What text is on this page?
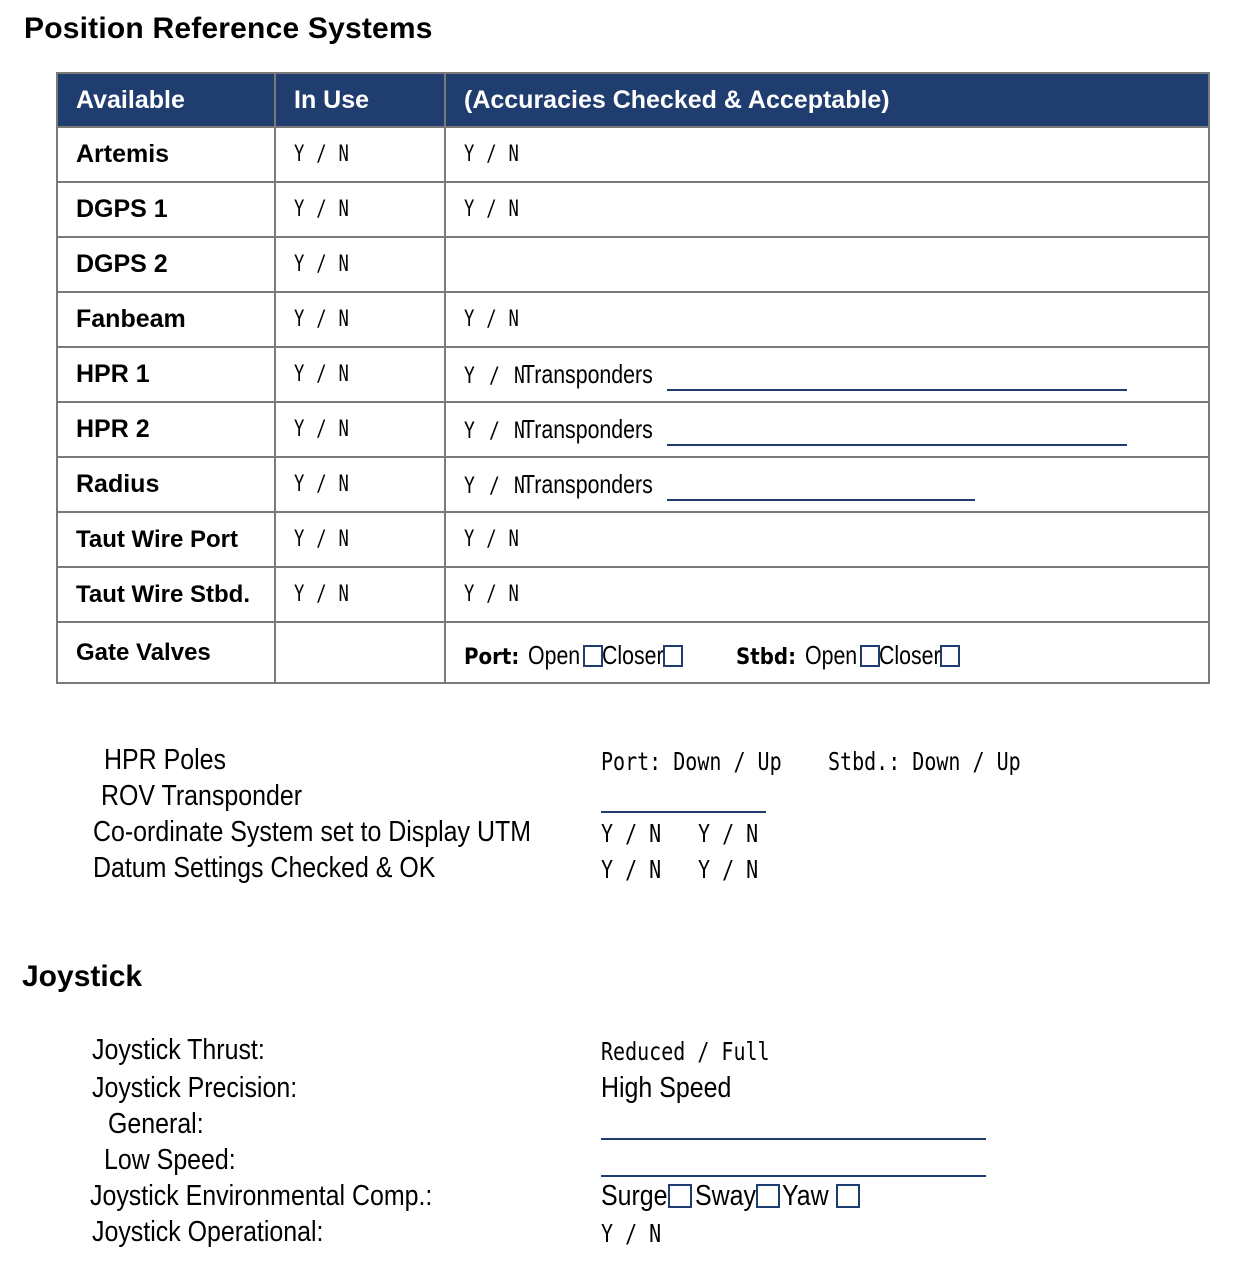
Position Reference Systems
Available	In Use	(Accuracies Checked & Acceptable)
Artemis	Y / N	Y / N
DGPS 1	Y / N	Y / N
DGPS 2	Y / N	
Fanbeam	Y / N	Y / N
HPR 1	Y / N	Y / NTransponders

HPR 2	Y / N	Y / NTransponders

Radius	Y / N	Y / NTransponders

Taut Wire Port	Y / N	Y / N
Taut Wire Stbd.	Y / N	Y / N
Gate Valves		Port: Open Closer Stbd: Open Closer
HPR Poles	Port: Down / Up Stbd.: Down / Up
ROV Transponder
Co-ordinate System set to Display UTM	Y / N Y / N
Datum Settings Checked & OK	Y / N Y / N
Joystick
Joystick Thrust:	Reduced / Full
Joystick Precision:	High Speed
General:
Low Speed:
Joystick Environmental Comp.:	Surge Sway Yaw
Joystick Operational:	Y / N
